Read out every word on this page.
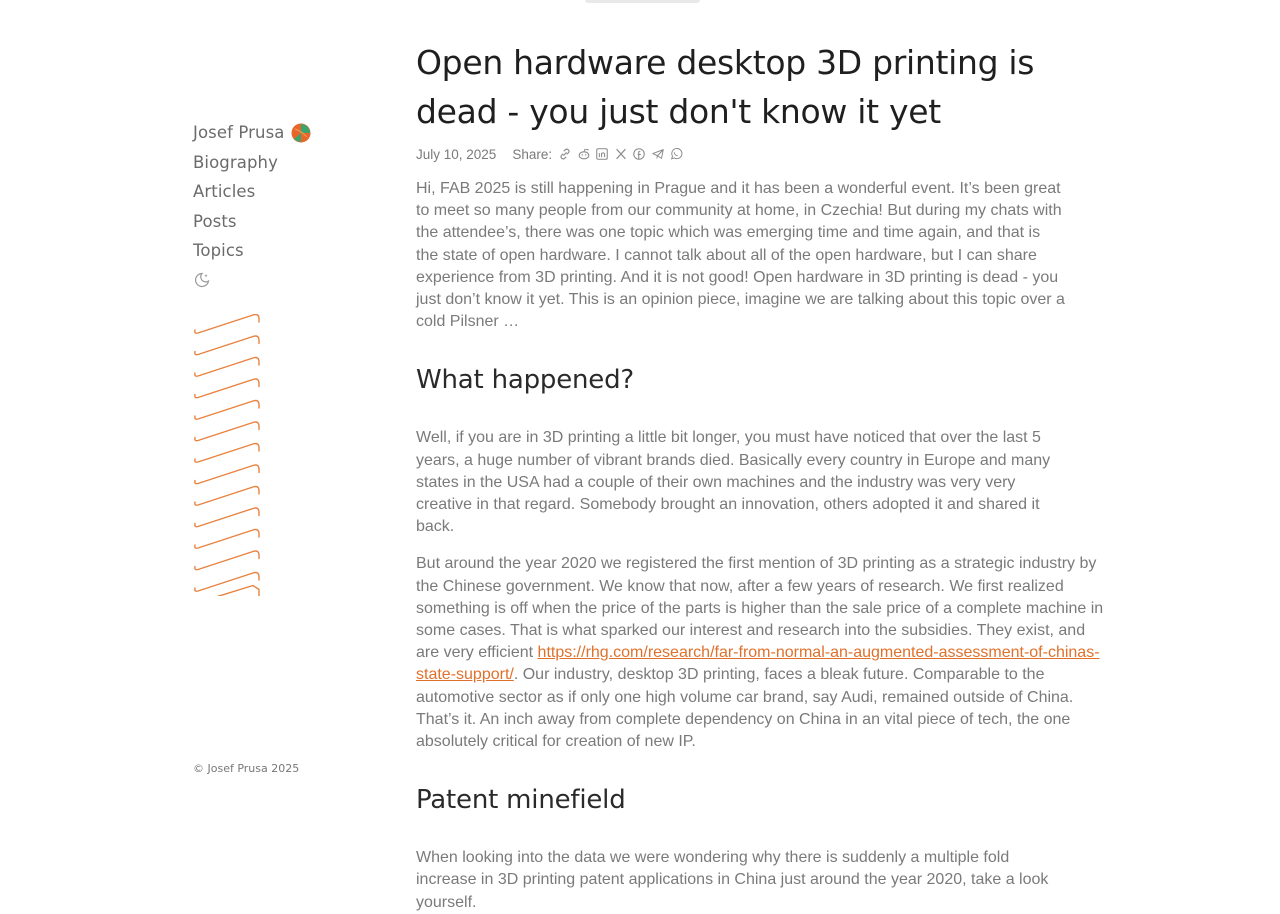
Josef Prusa
Biography
Articles
Posts
Topics
© Josef Prusa 2025
Open hardware desktop 3D printing is dead - you just don't know it yet
July 10, 2025 Share:

Hi, FAB 2025 is still happening in Prague and it has been a wonderful event. It’s been great to meet so many people from our community at home, in Czechia! But during my chats with the attendee’s, there was one topic which was emerging time and time again, and that is the state of open hardware. I cannot talk about all of the open hardware, but I can share experience from 3D printing. And it is not good! Open hardware in 3D printing is dead - you just don’t know it yet. This is an opinion piece, imagine we are talking about this topic over a cold Pilsner …

What happened?

Well, if you are in 3D printing a little bit longer, you must have noticed that over the last 5 years, a huge number of vibrant brands died. Basically every country in Europe and many states in the USA had a couple of their own machines and the industry was very very creative in that regard. Somebody brought an innovation, others adopted it and shared it back.

But around the year 2020 we registered the first mention of 3D printing as a strategic industry by the Chinese government. We know that now, after a few years of research. We first realized something is off when the price of the parts is higher than the sale price of a complete machine in some cases. That is what sparked our interest and research into the subsidies. They exist, and are very efficient https://rhg.com/research/far-from-normal-an-augmented-assessment-of-chinas-state-support/. Our industry, desktop 3D printing, faces a bleak future. Comparable to the automotive sector as if only one high volume car brand, say Audi, remained outside of China. That’s it. An inch away from complete dependency on China in an vital piece of tech, the one absolutely critical for creation of new IP.

Patent minefield

When looking into the data we were wondering why there is suddenly a multiple fold increase in 3D printing patent applications in China just around the year 2020, take a look yourself.
